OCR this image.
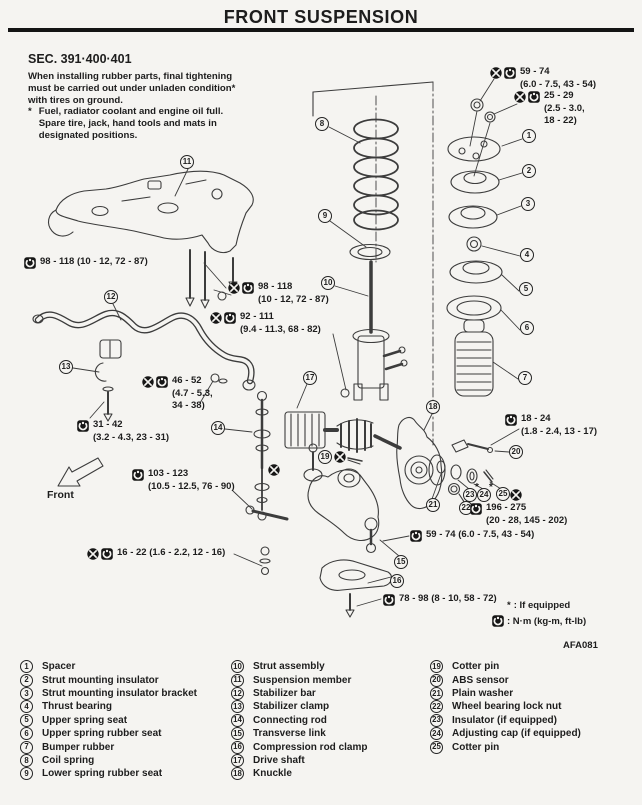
FRONT SUSPENSION
SEC. 391·400·401
When installing rubber parts, final tightening
must be carried out under unladen condition*
with tires on ground.
* Fuel, radiator coolant and engine oil full.
Spare tire, jack, hand tools and mats in
designated positions.	1
2
3
4
5
6
7
8
9
10
11
12
13
14
15
16
17
18
19
20
21	22
23 24	25
* *
59 - 74
(6.0 - 7.5, 43 - 54)
25 - 29
(2.5 - 3.0,
18 - 22)
98 - 118 (10 - 12, 72 - 87)
98 - 118
(10 - 12, 72 - 87)
92 - 111
(9.4 - 11.3, 68 - 82)
46 - 52
(4.7 - 5.3,
34 - 38)
31 - 42
(3.2 - 4.3, 23 - 31)
103 - 123
(10.5 - 12.5, 76 - 90)
16 - 22 (1.6 - 2.2, 12 - 16)
18 - 24
(1.8 - 2.4, 13 - 17)
196 - 275
(20 - 28, 145 - 202)
59 - 74 (6.0 - 7.5, 43 - 54)
78 - 98 (8 - 10, 58 - 72)
Front
* : If equipped
: N·m (kg-m, ft-lb)
AFA081
1	Spacer
2	Strut mounting insulator
3	Strut mounting insulator bracket
4	Thrust bearing
5	Upper spring seat
6	Upper spring rubber seat
7	Bumper rubber
8	Coil spring
9	Lower spring rubber seat
10 Strut assembly
11 Suspension member
12 Stabilizer bar
13 Stabilizer clamp
14 Connecting rod
15 Transverse link
16 Compression rod clamp
17 Drive shaft
18 Knuckle
19 Cotter pin
20 ABS sensor
21 Plain washer
22 Wheel bearing lock nut
23 Insulator (if equipped)
24 Adjusting cap (if equipped)
25 Cotter pin
